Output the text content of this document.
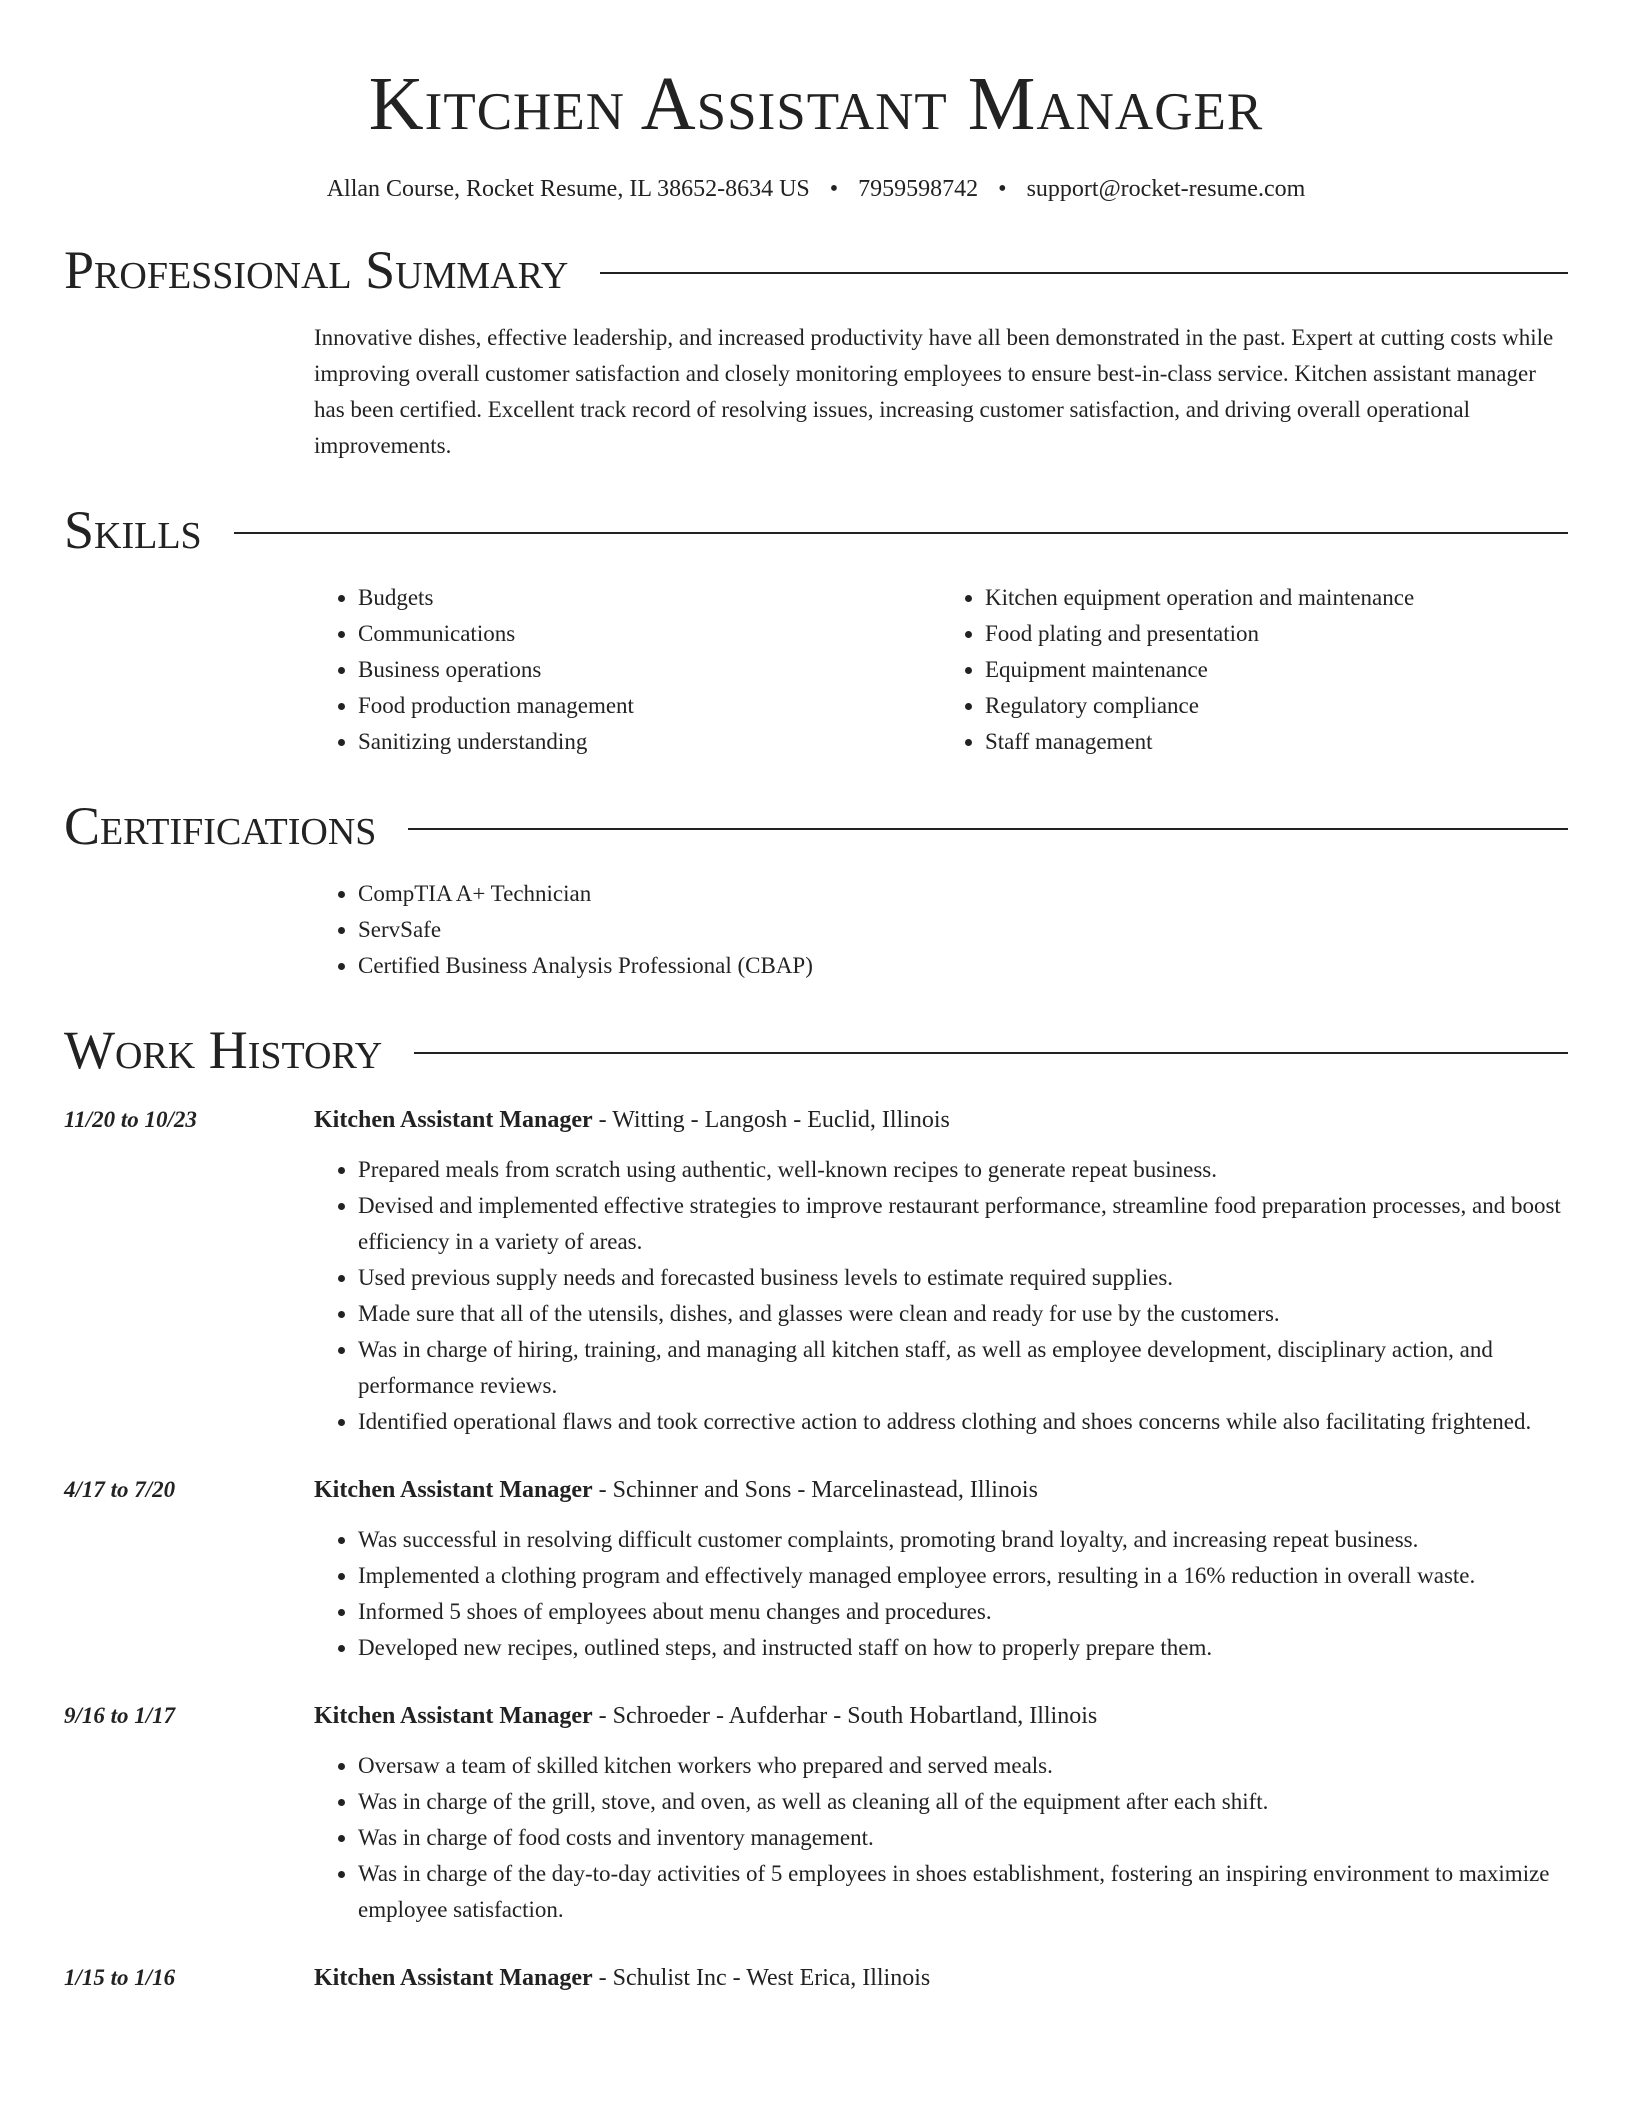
Kitchen Assistant Manager
Allan Course, Rocket Resume, IL 38652-8634 US • 7959598742 • support@rocket-resume.com
Professional Summary
Innovative dishes, effective leadership, and increased productivity have all been demonstrated in the past. Expert at cutting costs while improving overall customer satisfaction and closely monitoring employees to ensure best-in-class service. Kitchen assistant manager has been certified. Excellent track record of resolving issues, increasing customer satisfaction, and driving overall operational improvements.
Skills
• Budgets
• Communications
• Business operations
• Food production management
• Sanitizing understanding
• Kitchen equipment operation and maintenance
• Food plating and presentation
• Equipment maintenance
• Regulatory compliance
• Staff management
Certifications
• CompTIA A+ Technician
• ServSafe
• Certified Business Analysis Professional (CBAP)
Work History
11/20 to 10/23	Kitchen Assistant Manager - Witting - Langosh - Euclid, Illinois
• Prepared meals from scratch using authentic, well-known recipes to generate repeat business.
• Devised and implemented effective strategies to improve restaurant performance, streamline food preparation processes, and boost efficiency in a variety of areas.
• Used previous supply needs and forecasted business levels to estimate required supplies.
• Made sure that all of the utensils, dishes, and glasses were clean and ready for use by the customers.
• Was in charge of hiring, training, and managing all kitchen staff, as well as employee development, disciplinary action, and performance reviews.
• Identified operational flaws and took corrective action to address clothing and shoes concerns while also facilitating frightened.
4/17 to 7/20	Kitchen Assistant Manager - Schinner and Sons - Marcelinastead, Illinois
• Was successful in resolving difficult customer complaints, promoting brand loyalty, and increasing repeat business.
• Implemented a clothing program and effectively managed employee errors, resulting in a 16% reduction in overall waste.
• Informed 5 shoes of employees about menu changes and procedures.
• Developed new recipes, outlined steps, and instructed staff on how to properly prepare them.
9/16 to 1/17	Kitchen Assistant Manager - Schroeder - Aufderhar - South Hobartland, Illinois
• Oversaw a team of skilled kitchen workers who prepared and served meals.
• Was in charge of the grill, stove, and oven, as well as cleaning all of the equipment after each shift.
• Was in charge of food costs and inventory management.
• Was in charge of the day-to-day activities of 5 employees in shoes establishment, fostering an inspiring environment to maximize employee satisfaction.
1/15 to 1/16	Kitchen Assistant Manager - Schulist Inc - West Erica, Illinois
